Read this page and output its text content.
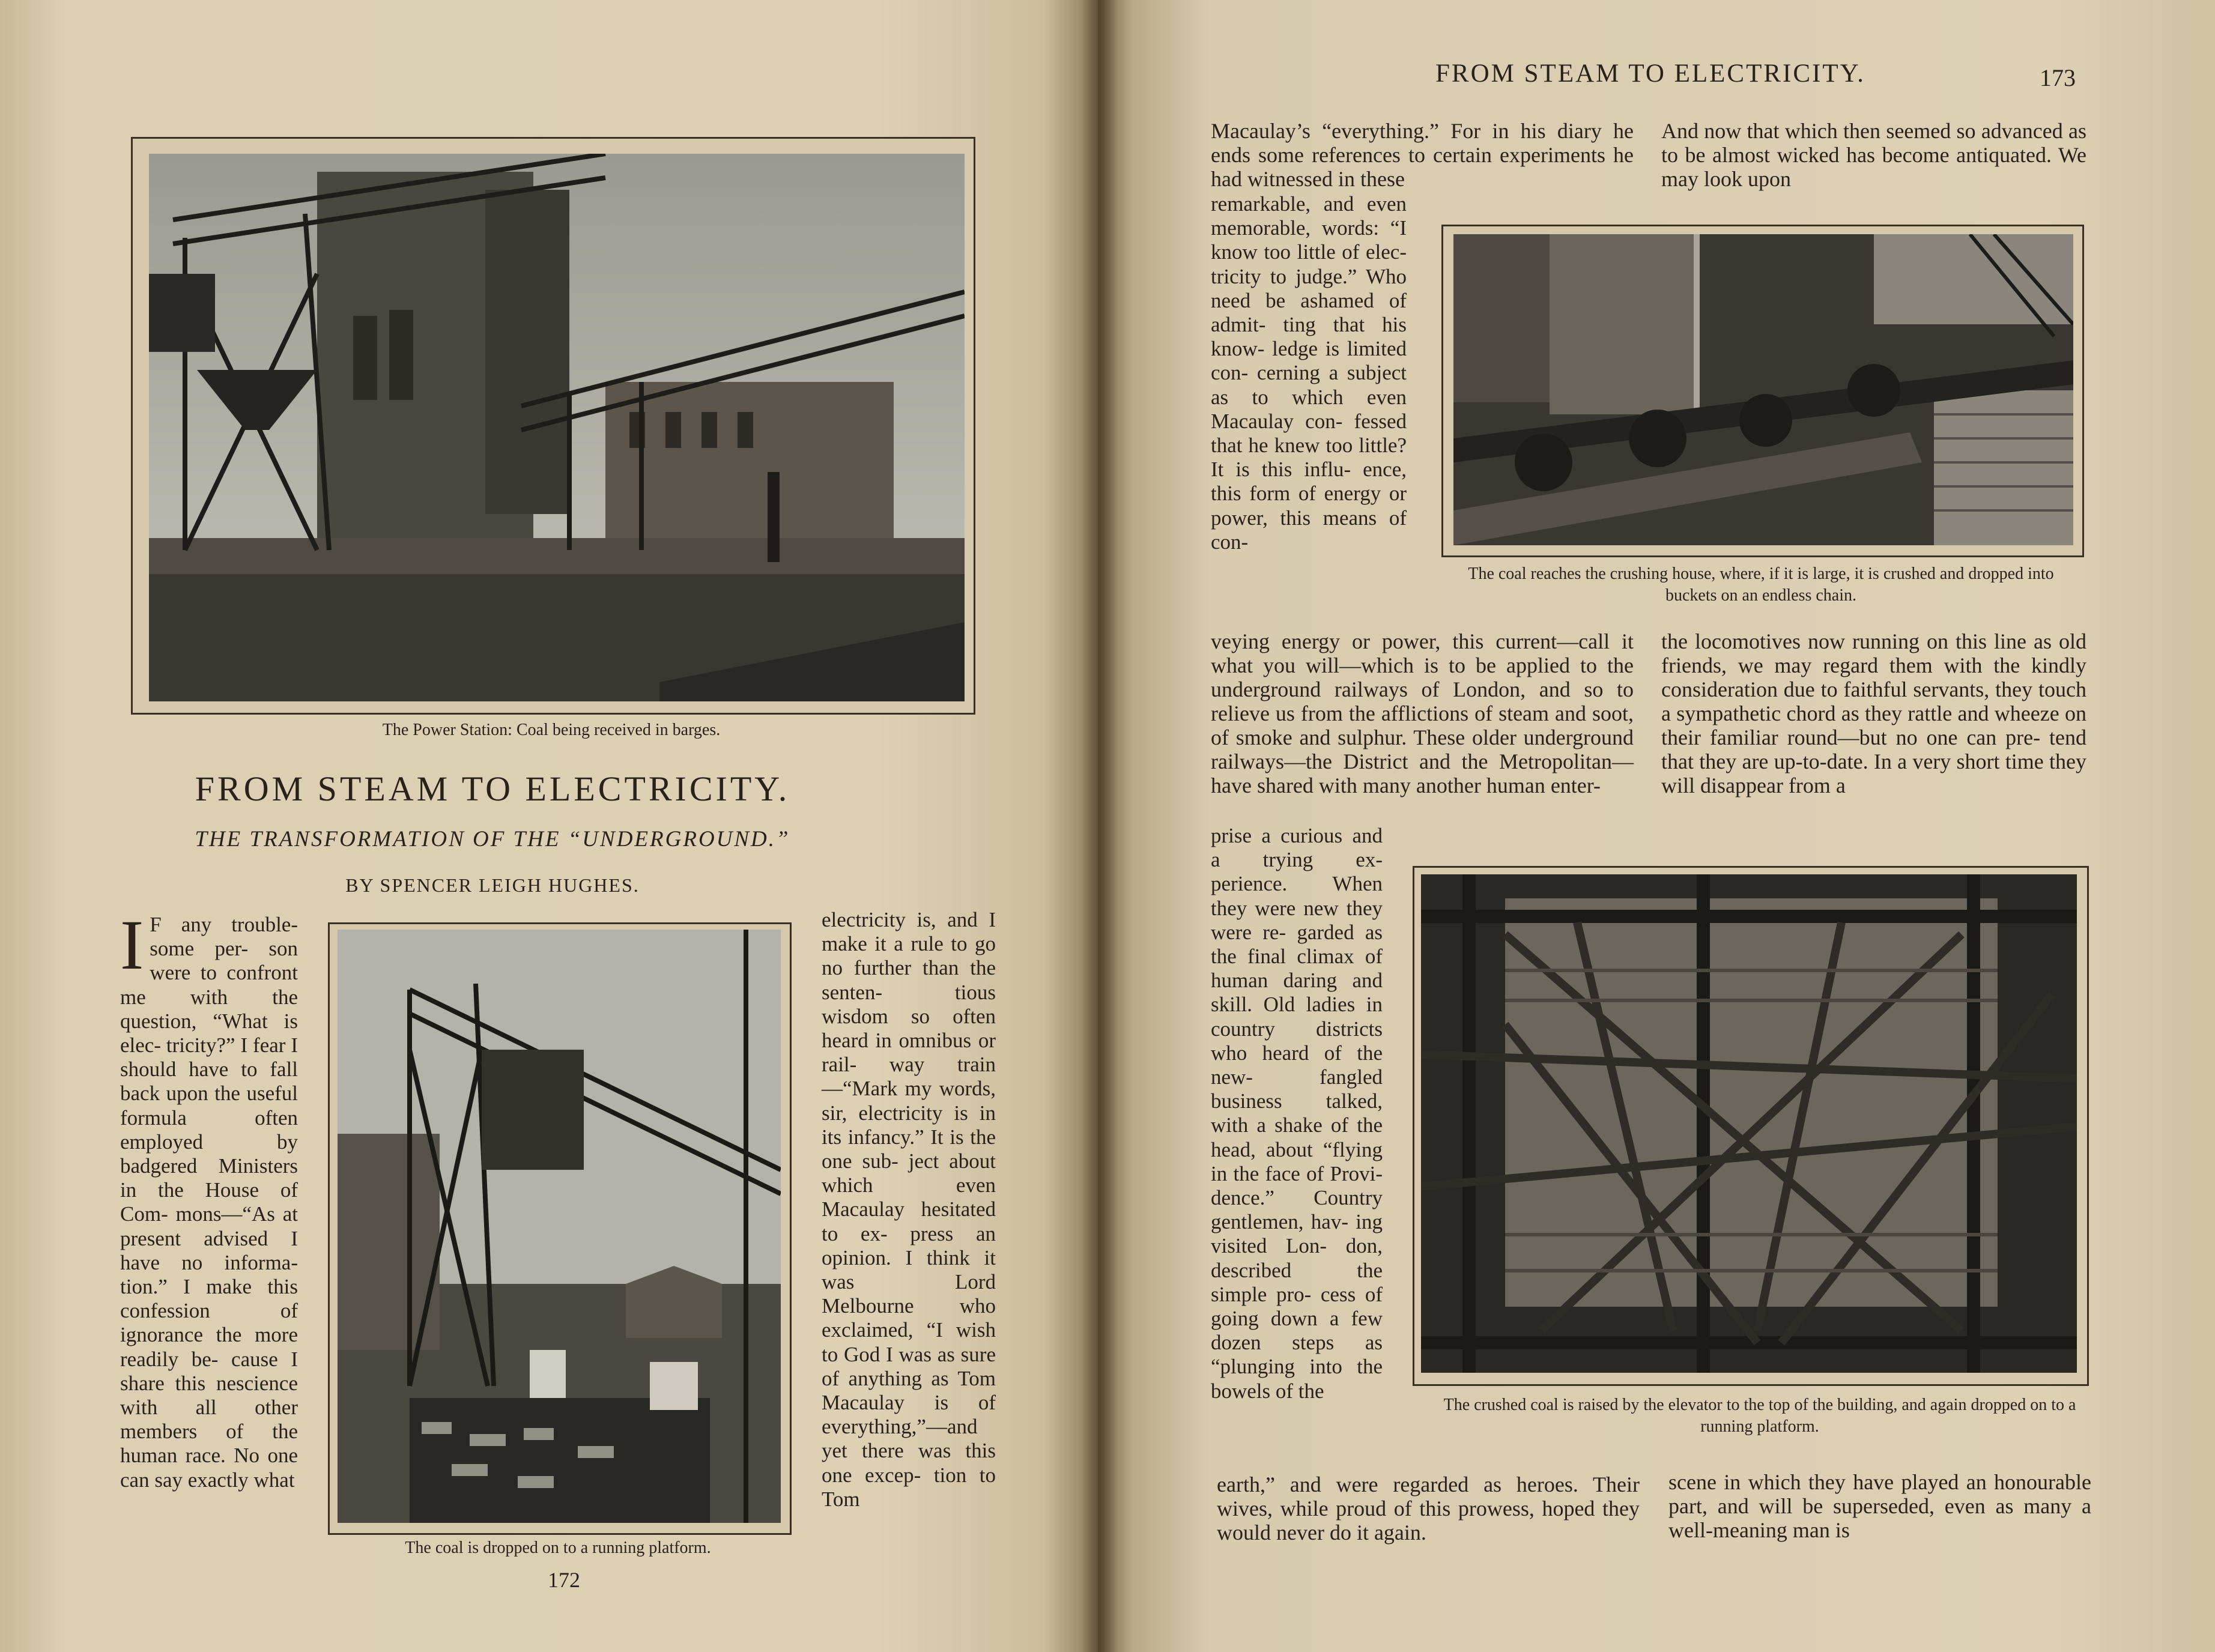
The Power Station: Coal being received in barges.
FROM STEAM TO ELECTRICITY.
THE TRANSFORMATION OF THE “UNDERGROUND.”
BY SPENCER LEIGH HUGHES.
I F any trouble- some per- son were to confront me with the question, “What is elec- tricity?” I fear I should have to fall back upon the useful formula often employed by badgered Ministers in the House of Com- mons—“As at present advised I have no informa- tion.” I make this confession of ignorance the more readily be- cause I share this nescience with all other members of the human race. No one can say exactly what
The coal is dropped on to a running platform.
electricity is, and I make it a rule to go no further than the senten- tious wisdom so often heard in omnibus or rail- way train—“Mark my words, sir, electricity is in its infancy.” It is the one sub- ject about which even Macaulay hesitated to ex- press an opinion. I think it was Lord Melbourne who exclaimed, “I wish to God I was as sure of anything as Tom Macaulay is of everything,”—and yet there was this one excep- tion to Tom
172
FROM STEAM TO ELECTRICITY.	173
Macaulay’s “everything.” For in his diary he ends some references to certain experiments he had witnessed in these
And now that which then seemed so advanced as to be almost wicked has become antiquated. We may look upon
remarkable, and even memorable, words: “I know too little of elec- tricity to judge.” Who need be ashamed of admit- ting that his know- ledge is limited con- cerning a subject as to which even Macaulay con- fessed that he knew too little? It is this influ- ence, this form of energy or power, this means of con-
The coal reaches the crushing house, where, if it is large, it is crushed and dropped into buckets on an endless chain.
veying energy or power, this current—call it what you will—which is to be applied to the underground railways of London, and so to relieve us from the afflictions of steam and soot, of smoke and sulphur. These older underground railways—the District and the Metropolitan—have shared with many another human enter-
the locomotives now running on this line as old friends, we may regard them with the kindly consideration due to faithful servants, they touch a sympathetic chord as they rattle and wheeze on their familiar round—but no one can pre- tend that they are up-to-date. In a very short time they will disappear from a
prise a curious and a trying ex- perience. When they were new they were re- garded as the final climax of human daring and skill. Old ladies in country districts who heard of the new- fangled business talked, with a shake of the head, about “flying in the face of Provi- dence.” Country gentlemen, hav- ing visited Lon- don, described the simple pro- cess of going down a few dozen steps as “plunging into the bowels of the
The crushed coal is raised by the elevator to the top of the building, and again dropped on to a running platform.
earth,” and were regarded as heroes. Their wives, while proud of this prowess, hoped they would never do it again.
scene in which they have played an honourable part, and will be superseded, even as many a well-meaning man is
